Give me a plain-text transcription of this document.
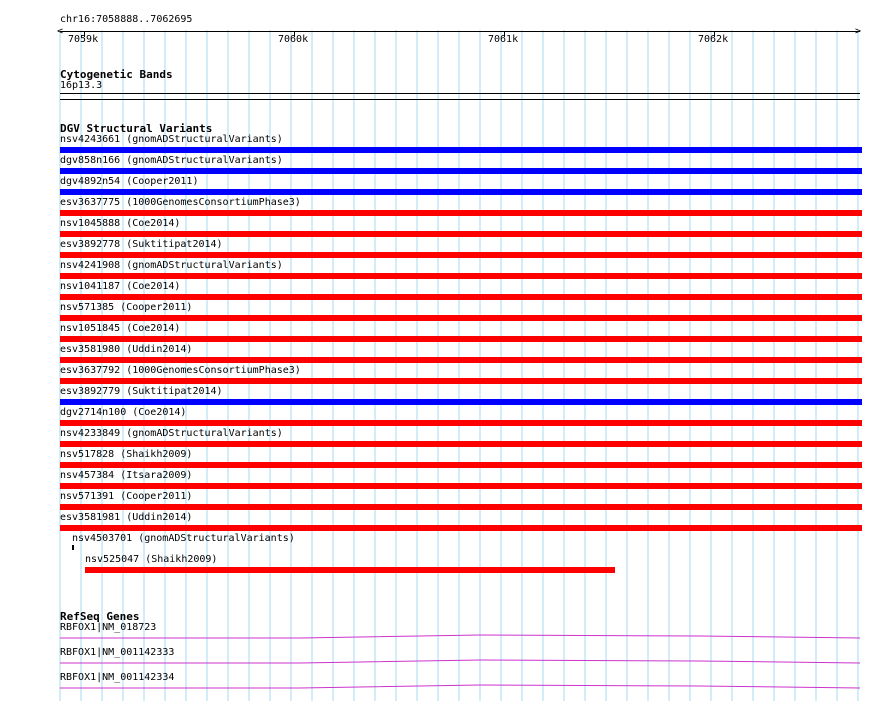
chr16:7058888..7062695
<	>
7059k	7060k	7061k	7062k
Cytogenetic Bands
16p13.3
DGV Structural Variants
nsv4243661 (gnomADStructuralVariants)
dgv858n166 (gnomADStructuralVariants)
dgv4892n54 (Cooper2011)
esv3637775 (1000GenomesConsortiumPhase3)
nsv1045888 (Coe2014)
esv3892778 (Suktitipat2014)
nsv4241908 (gnomADStructuralVariants)
nsv1041187 (Coe2014)
nsv571385 (Cooper2011)
nsv1051845 (Coe2014)
esv3581980 (Uddin2014)
esv3637792 (1000GenomesConsortiumPhase3)
esv3892779 (Suktitipat2014)
dgv2714n100 (Coe2014)
nsv4233849 (gnomADStructuralVariants)
nsv517828 (Shaikh2009)
nsv457384 (Itsara2009)
nsv571391 (Cooper2011)
esv3581981 (Uddin2014)
nsv4503701 (gnomADStructuralVariants)
nsv525047 (Shaikh2009)
RefSeq Genes
RBFOX1|NM_018723
RBFOX1|NM_001142333
RBFOX1|NM_001142334
